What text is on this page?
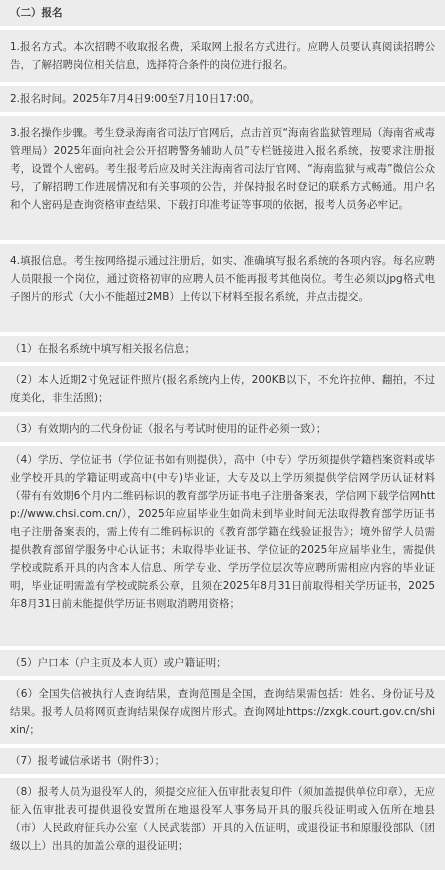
（二）报名

1.报名方式。本次招聘不收取报名费，采取网上报名方式进行。应聘人员要认真阅读招聘公告，了解招聘岗位相关信息，选择符合条件的岗位进行报名。

2.报名时间。2025年7月4日9:00至7月10日17:00。

3.报名操作步骤。考生登录海南省司法厅官网后，点击首页“海南省监狱管理局（海南省戒毒管理局）2025年面向社会公开招聘警务辅助人员”专栏链接进入报名系统，按要求注册报考，设置个人密码。考生报考后应及时关注海南省司法厅官网、“海南监狱与戒毒”微信公众号，了解招聘工作进展情况和有关事项的公告，并保持报名时登记的联系方式畅通。用户名和个人密码是查询资格审查结果、下载打印准考证等事项的依据，报考人员务必牢记。

4.填报信息。考生按网络提示通过注册后，如实、准确填写报名系统的各项内容。每名应聘人员限报一个岗位，通过资格初审的应聘人员不能再报考其他岗位。考生必须以jpg格式电子图片的形式（大小不能超过2MB）上传以下材料至报名系统，并点击提交。

（1）在报名系统中填写相关报名信息；

（2）本人近期2寸免冠证件照片(报名系统内上传，200KB以下，不允许拉伸、翻拍，不过度美化，非生活照)；

（3）有效期内的二代身份证（报名与考试时使用的证件必须一致）；

（4）学历、学位证书（学位证书如有则提供），高中（中专）学历须提供学籍档案资料或毕业学校开具的学籍证明或高中(中专)毕业证，大专及以上学历须提供学信网学历认证材料（带有有效期6个月内二维码标识的教育部学历证书电子注册备案表，学信网下载学信网http://www.chsi.com.cn/），2025年应届毕业生如尚未到毕业时间无法取得教育部学历证书电子注册备案表的，需上传有二维码标识的《教育部学籍在线验证报告》；境外留学人员需提供教育部留学服务中心认证书；未取得毕业证书、学位证的2025年应届毕业生，需提供学校或院系开具的内含本人信息、所学专业、学历学位层次等应聘所需相应内容的毕业证明，毕业证明需盖有学校或院系公章，且须在2025年8月31日前取得相关学历证书，2025年8月31日前未能提供学历证书则取消聘用资格；

（5）户口本（户主页及本人页）或户籍证明；

（6）全国失信被执行人查询结果，查询范围是全国，查询结果需包括：姓名、身份证号及结果。报考人员将网页查询结果保存成图片形式。查询网址https://zxgk.court.gov.cn/shixin/；

（7）报考诚信承诺书（附件3）；

（8）报考人员为退役军人的，须提交应征入伍审批表复印件（须加盖提供单位印章），无应征入伍审批表可提供退役安置所在地退役军人事务局开具的服兵役证明或入伍所在地县（市）人民政府征兵办公室（人民武装部）开具的入伍证明，或退役证书和原服役部队（团级以上）出具的加盖公章的退役证明；
